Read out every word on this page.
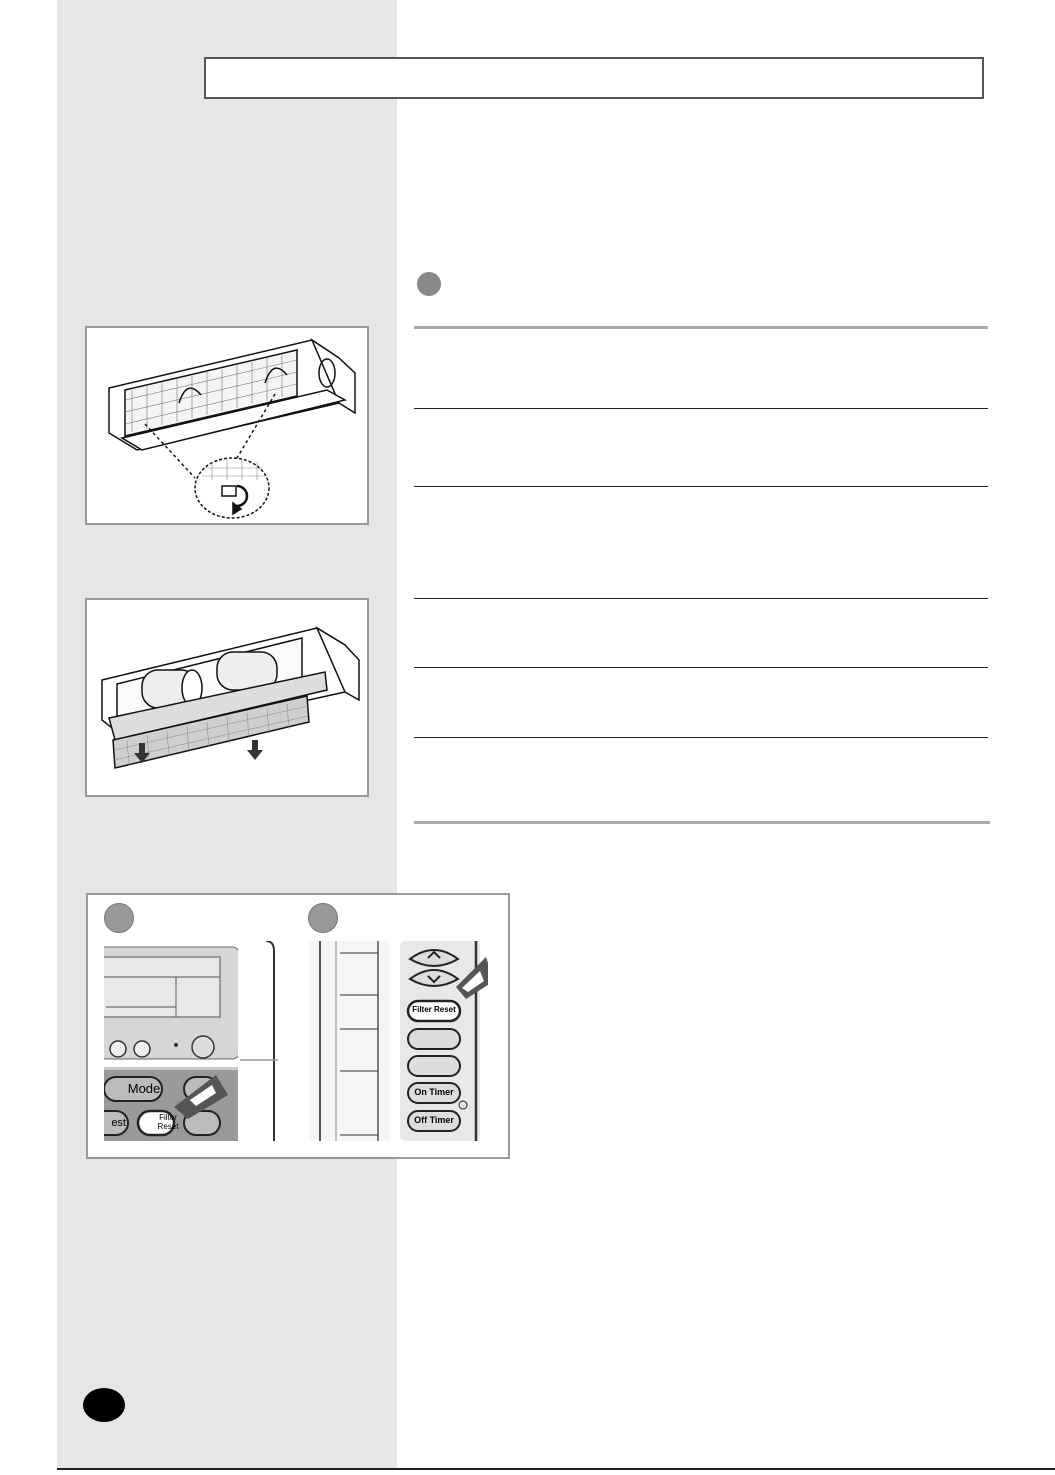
Mode
est	Filter
Reset
Filter Reset
On Timer
Off Timer
